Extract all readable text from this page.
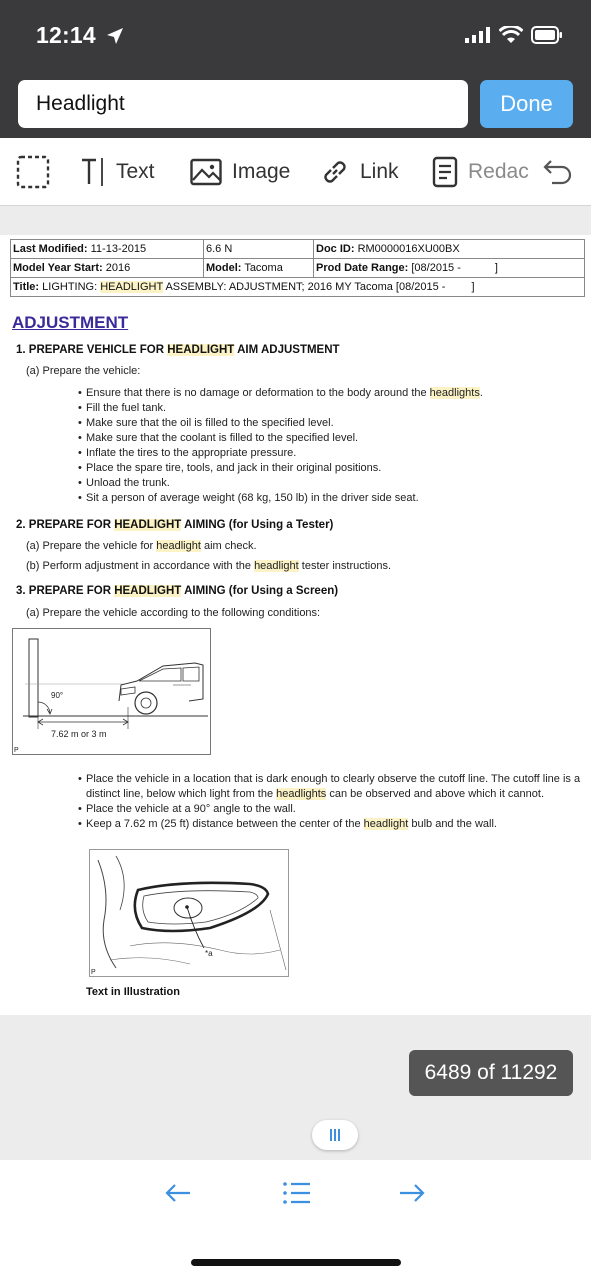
12:14
Headlight
Done
Text	Image	Link	Redac
Last Modified: 11-13-2015	6.6 N	Doc ID: RM0000016XU00BX
Model Year Start: 2016	Model: Tacoma	Prod Date Range: [08/2015 - ]
Title: LIGHTING: HEADLIGHT ASSEMBLY: ADJUSTMENT; 2016 MY Tacoma [08/2015 - ]		
ADJUSTMENT
1. PREPARE VEHICLE FOR HEADLIGHT AIM ADJUSTMENT
(a) Prepare the vehicle:
• Ensure that there is no damage or deformation to the body around the headlights.
• Fill the fuel tank.
• Make sure that the oil is filled to the specified level.
• Make sure that the coolant is filled to the specified level.
• Inflate the tires to the appropriate pressure.
• Place the spare tire, tools, and jack in their original positions.
• Unload the trunk.
• Sit a person of average weight (68 kg, 150 lb) in the driver side seat.
2. PREPARE FOR HEADLIGHT AIMING (for Using a Tester)
(a) Prepare the vehicle for headlight aim check.
(b) Perform adjustment in accordance with the headlight tester instructions.
3. PREPARE FOR HEADLIGHT AIMING (for Using a Screen)
(a) Prepare the vehicle according to the following conditions:
90°
7.62 m or 3 m
P
• Place the vehicle in a location that is dark enough to clearly observe the cutoff line. The cutoff line is a distinct line, below which light from the headlights can be observed and above which it cannot.
• Place the vehicle at a 90° angle to the wall.
• Keep a 7.62 m (25 ft) distance between the center of the headlight bulb and the wall.
*a
P
Text in Illustration
6489 of 11292
